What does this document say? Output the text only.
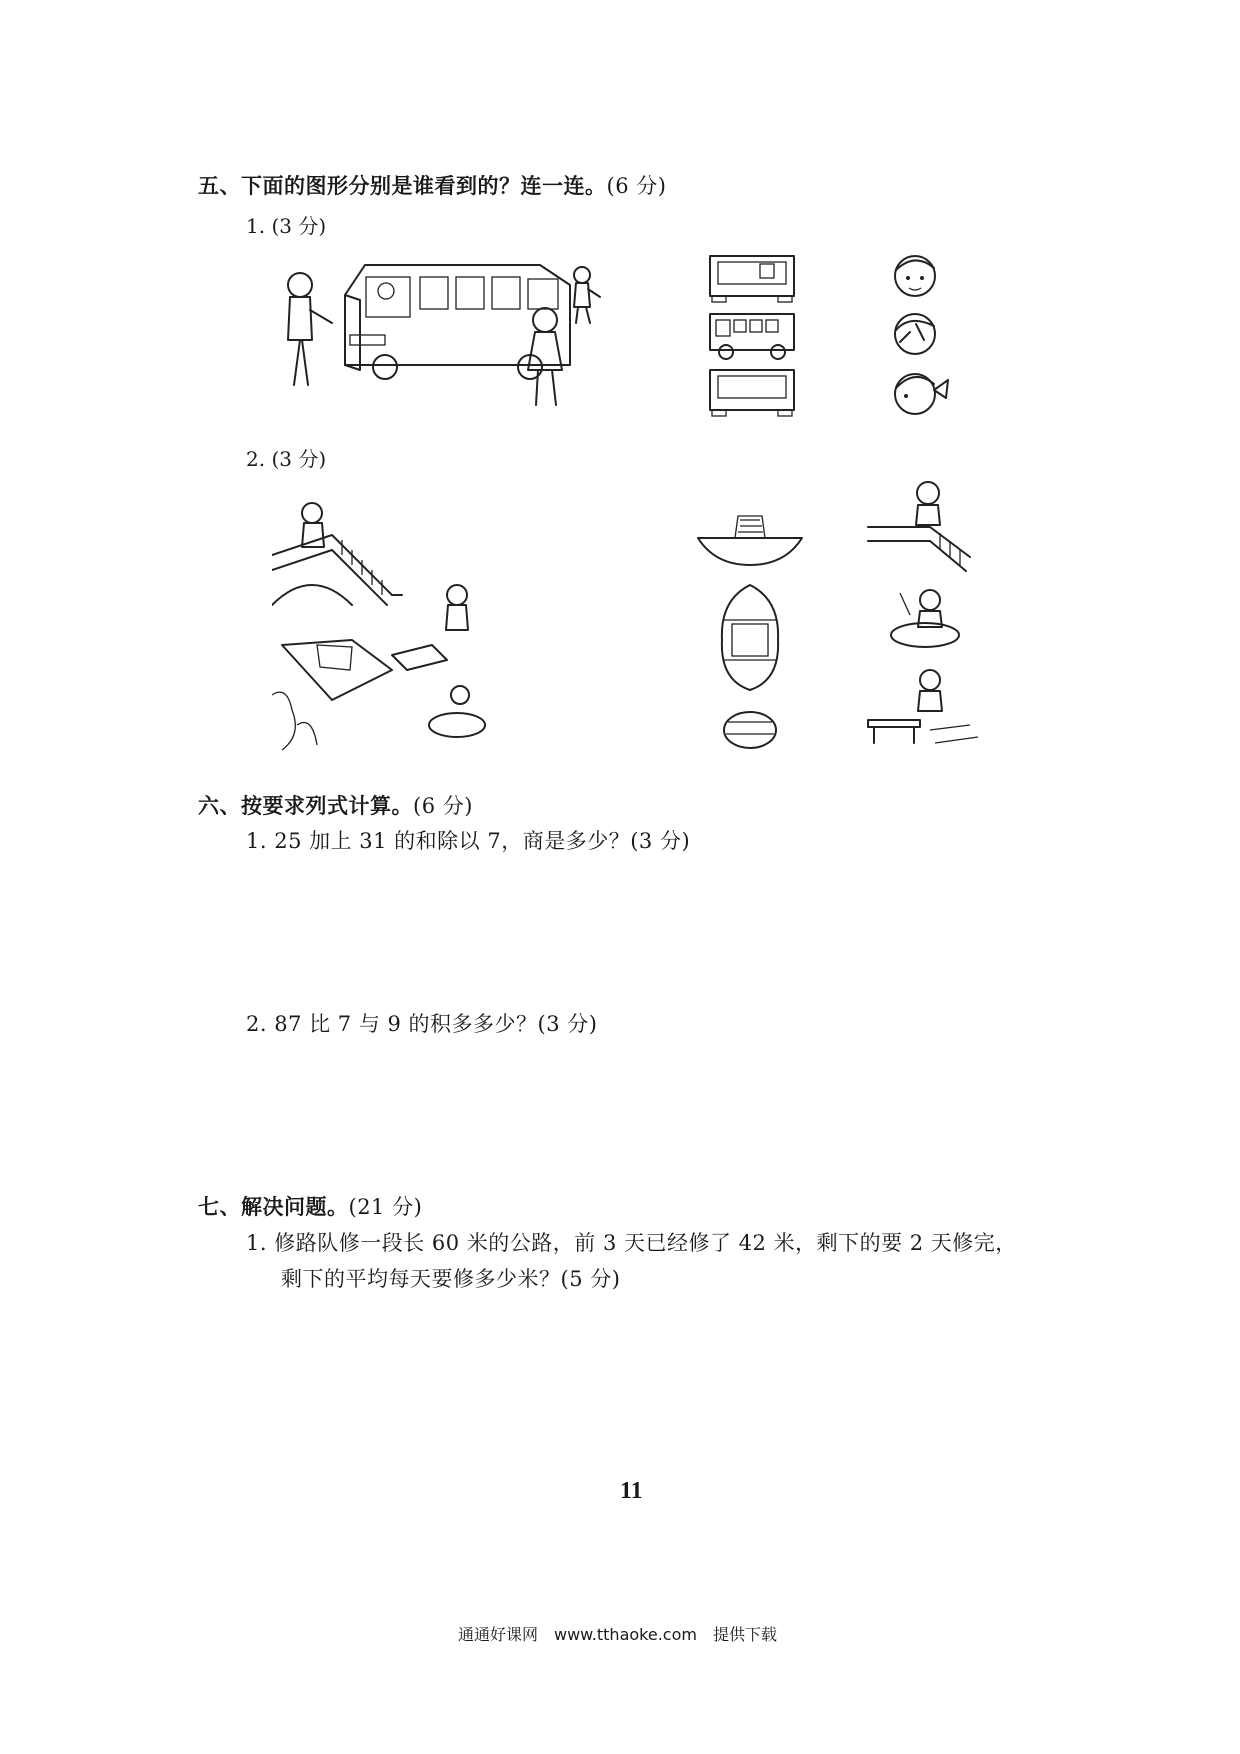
五、下面的图形分别是谁看到的？连一连。(6 分)
1. (3 分)
2. (3 分)
六、按要求列式计算。(6 分)
1. 25 加上 31 的和除以 7，商是多少？(3 分)
2. 87 比 7 与 9 的积多多少？(3 分)
七、解决问题。(21 分)
1. 修路队修一段长 60 米的公路，前 3 天已经修了 42 米，剩下的要 2 天修完，
剩下的平均每天要修多少米？(5 分)
11
通通好课网　www.tthaoke.com　提供下载
